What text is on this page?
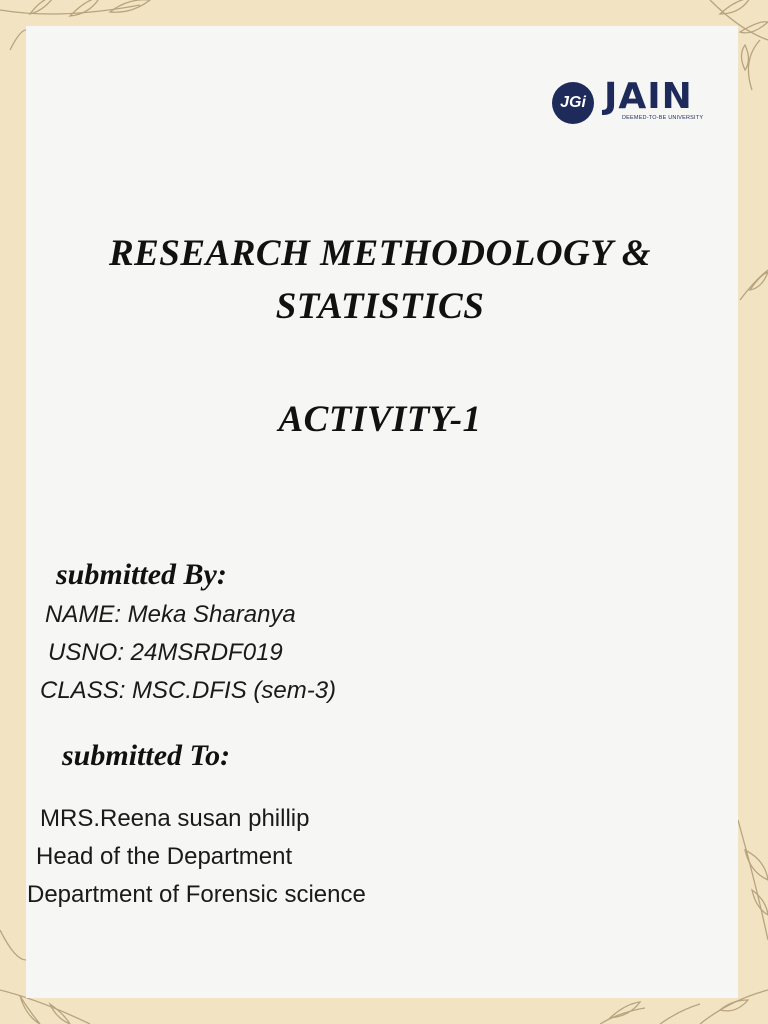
JGi JAIN
DEEMED-TO-BE UNIVERSITY
RESEARCH METHODOLOGY &
STATISTICS
ACTIVITY-1
submitted By:
NAME: Meka Sharanya
USNO: 24MSRDF019
CLASS: MSC.DFIS (sem-3)
submitted To:
MRS.Reena susan phillip
Head of the Department
Department of Forensic science
